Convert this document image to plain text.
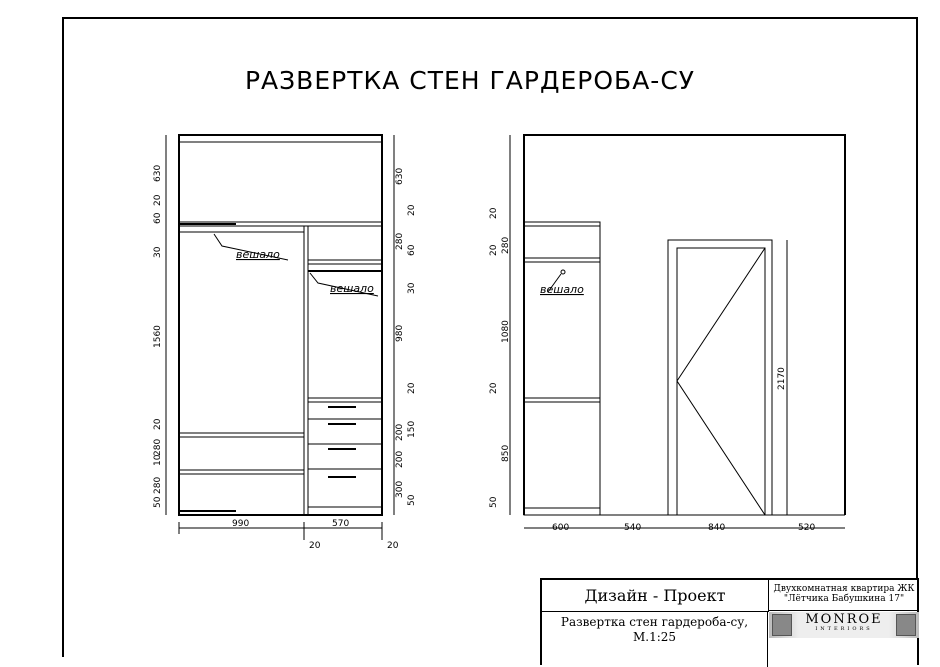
РАЗВЕРТКА СТЕН ГАРДЕРОБА-СУ
630
20
60
30
1560
20
10
280
50
280
630
20
280
60
30
980
20
150
200
200
300
50
990	570
20	20
вешало
вешало
20
20 280
1080
20
850
50
2170
600	540	840	520
вешало
Дизайн - Проект
Развертка стен гардероба-су, М.1:25
Двухкомнатная квартира ЖК "Лётчика Бабушкина 17"
MONROE
INTERIORS
